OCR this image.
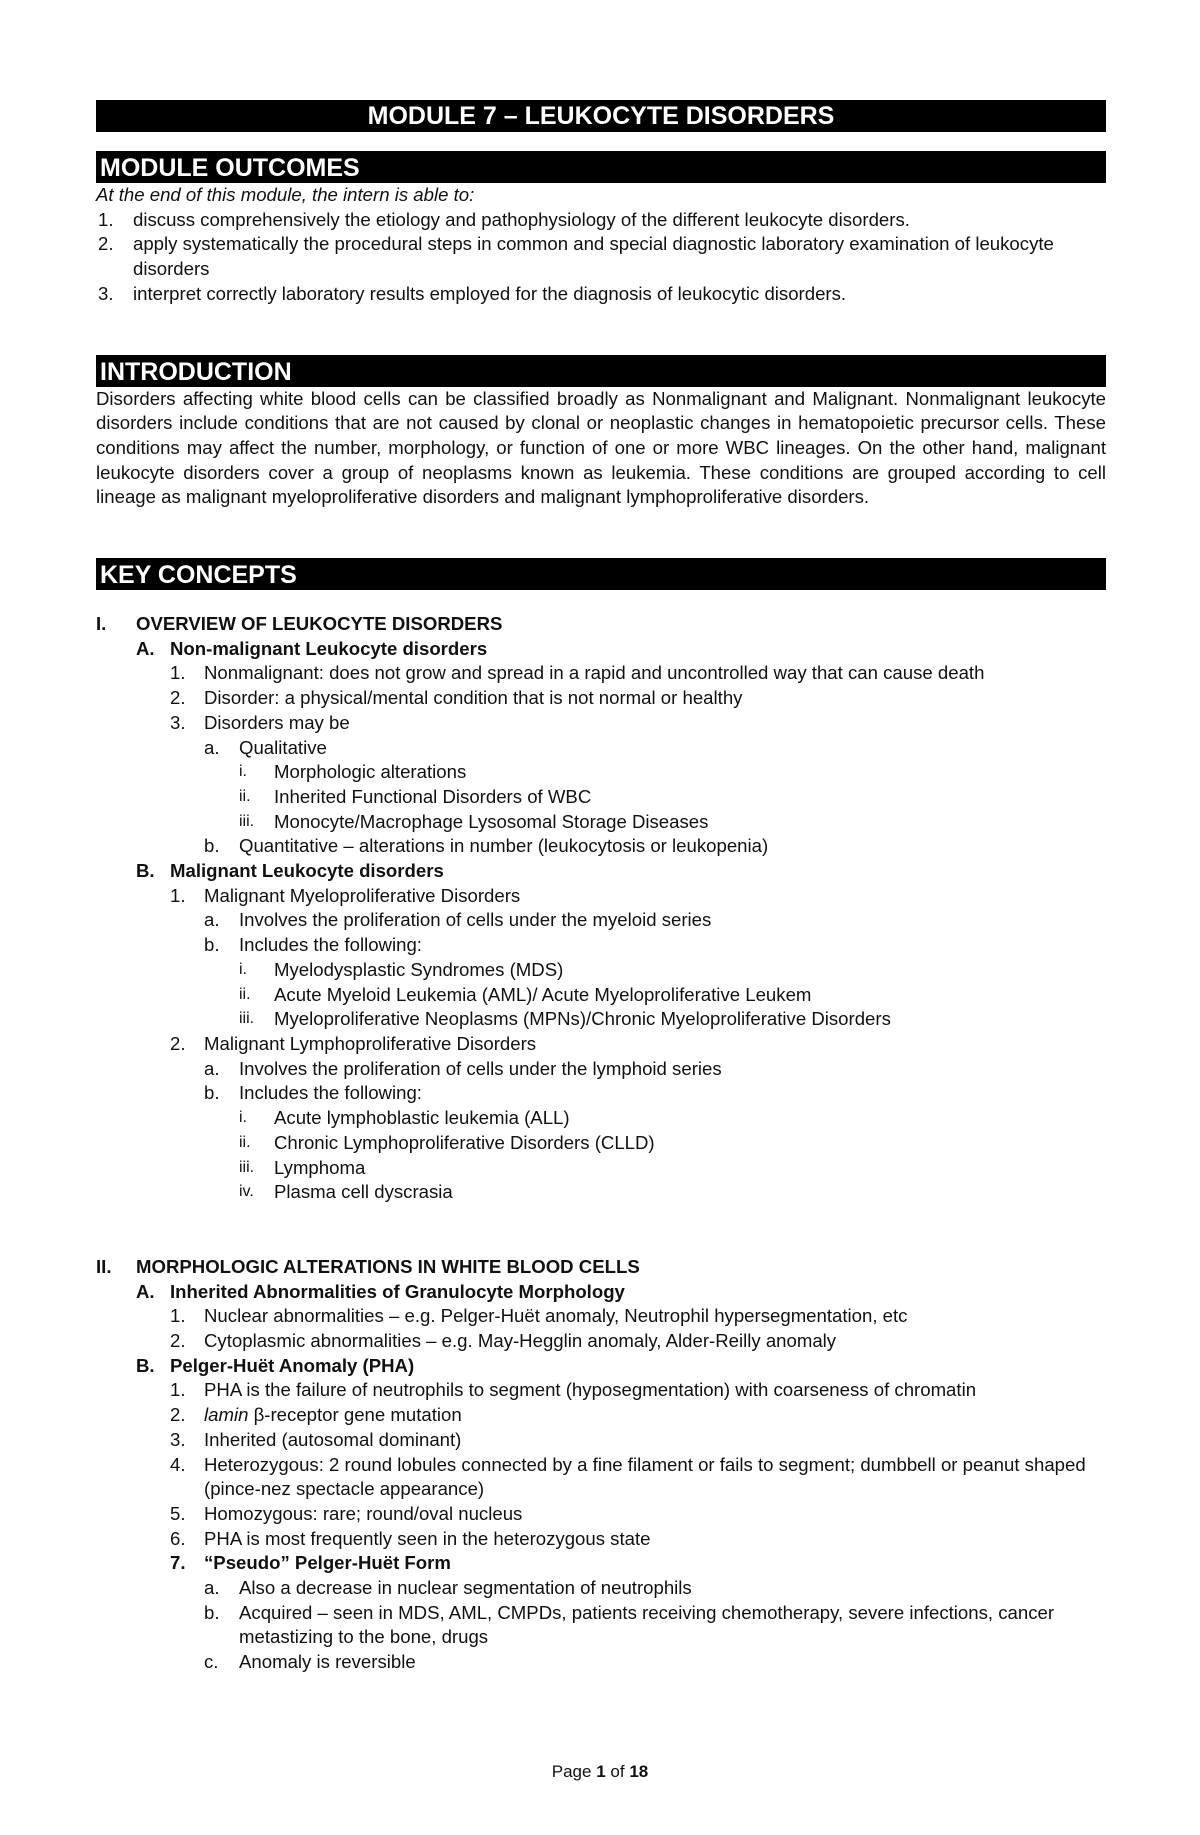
MODULE 7 – LEUKOCYTE DISORDERS
MODULE OUTCOMES
At the end of this module, the intern is able to:
1. discuss comprehensively the etiology and pathophysiology of the different leukocyte disorders.
2. apply systematically the procedural steps in common and special diagnostic laboratory examination of leukocyte disorders
3. interpret correctly laboratory results employed for the diagnosis of leukocytic disorders.
INTRODUCTION
Disorders affecting white blood cells can be classified broadly as Nonmalignant and Malignant. Nonmalignant leukocyte disorders include conditions that are not caused by clonal or neoplastic changes in hematopoietic precursor cells. These conditions may affect the number, morphology, or function of one or more WBC lineages. On the other hand, malignant leukocyte disorders cover a group of neoplasms known as leukemia. These conditions are grouped according to cell lineage as malignant myeloproliferative disorders and malignant lymphoproliferative disorders.
KEY CONCEPTS
I. OVERVIEW OF LEUKOCYTE DISORDERS
A. Non-malignant Leukocyte disorders
1. Nonmalignant: does not grow and spread in a rapid and uncontrolled way that can cause death
2. Disorder: a physical/mental condition that is not normal or healthy
3. Disorders may be
a. Qualitative
i. Morphologic alterations
ii. Inherited Functional Disorders of WBC
iii. Monocyte/Macrophage Lysosomal Storage Diseases
b. Quantitative – alterations in number (leukocytosis or leukopenia)
B. Malignant Leukocyte disorders
1. Malignant Myeloproliferative Disorders
a. Involves the proliferation of cells under the myeloid series
b. Includes the following:
i. Myelodysplastic Syndromes (MDS)
ii. Acute Myeloid Leukemia (AML)/ Acute Myeloproliferative Leukem
iii. Myeloproliferative Neoplasms (MPNs)/Chronic Myeloproliferative Disorders
2. Malignant Lymphoproliferative Disorders
a. Involves the proliferation of cells under the lymphoid series
b. Includes the following:
i. Acute lymphoblastic leukemia (ALL)
ii. Chronic Lymphoproliferative Disorders (CLLD)
iii. Lymphoma
iv. Plasma cell dyscrasia
II. MORPHOLOGIC ALTERATIONS IN WHITE BLOOD CELLS
A. Inherited Abnormalities of Granulocyte Morphology
1. Nuclear abnormalities – e.g. Pelger-Huët anomaly, Neutrophil hypersegmentation, etc
2. Cytoplasmic abnormalities – e.g. May-Hegglin anomaly, Alder-Reilly anomaly
B. Pelger-Huët Anomaly (PHA)
1. PHA is the failure of neutrophils to segment (hyposegmentation) with coarseness of chromatin
2. lamin β-receptor gene mutation
3. Inherited (autosomal dominant)
4. Heterozygous: 2 round lobules connected by a fine filament or fails to segment; dumbbell or peanut shaped (pince-nez spectacle appearance)
5. Homozygous: rare; round/oval nucleus
6. PHA is most frequently seen in the heterozygous state
7. “Pseudo” Pelger-Huët Form
a. Also a decrease in nuclear segmentation of neutrophils
b. Acquired – seen in MDS, AML, CMPDs, patients receiving chemotherapy, severe infections, cancer metastizing to the bone, drugs
c. Anomaly is reversible
Page 1 of 18
